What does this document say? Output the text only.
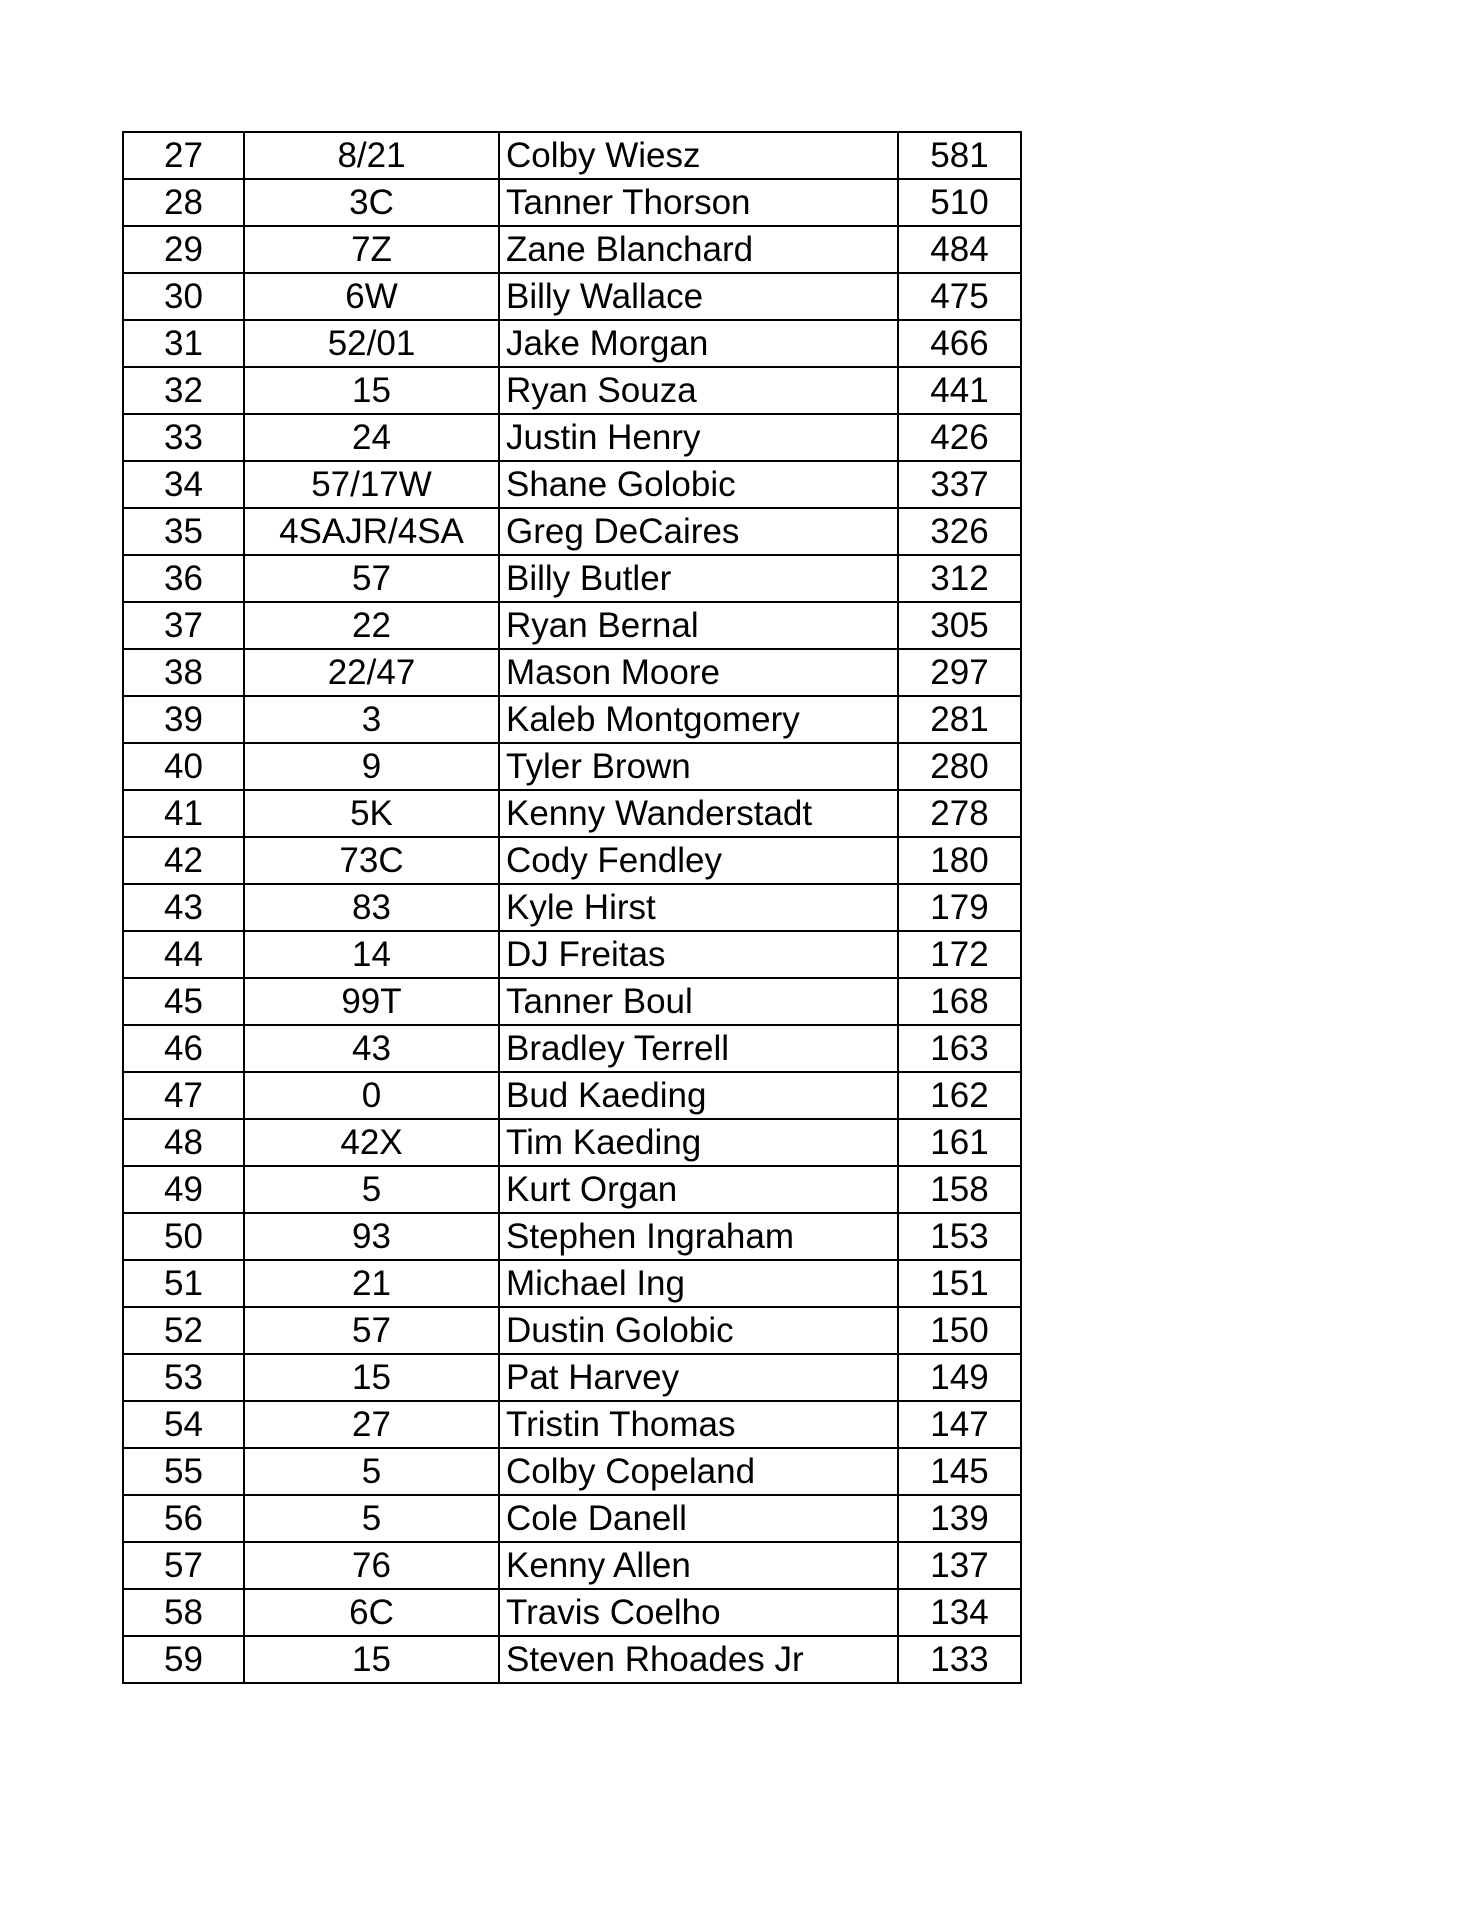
27	8/21	Colby Wiesz	581
28	3C	Tanner Thorson	510
29	7Z	Zane Blanchard	484
30	6W	Billy Wallace	475
31	52/01	Jake Morgan	466
32	15	Ryan Souza	441
33	24	Justin Henry	426
34	57/17W	Shane Golobic	337
35	4SAJR/4SA	Greg DeCaires	326
36	57	Billy Butler	312
37	22	Ryan Bernal	305
38	22/47	Mason Moore	297
39	3	Kaleb Montgomery	281
40	9	Tyler Brown	280
41	5K	Kenny Wanderstadt	278
42	73C	Cody Fendley	180
43	83	Kyle Hirst	179
44	14	DJ Freitas	172
45	99T	Tanner Boul	168
46	43	Bradley Terrell	163
47	0	Bud Kaeding	162
48	42X	Tim Kaeding	161
49	5	Kurt Organ	158
50	93	Stephen Ingraham	153
51	21	Michael Ing	151
52	57	Dustin Golobic	150
53	15	Pat Harvey	149
54	27	Tristin Thomas	147
55	5	Colby Copeland	145
56	5	Cole Danell	139
57	76	Kenny Allen	137
58	6C	Travis Coelho	134
59	15	Steven Rhoades Jr	133
